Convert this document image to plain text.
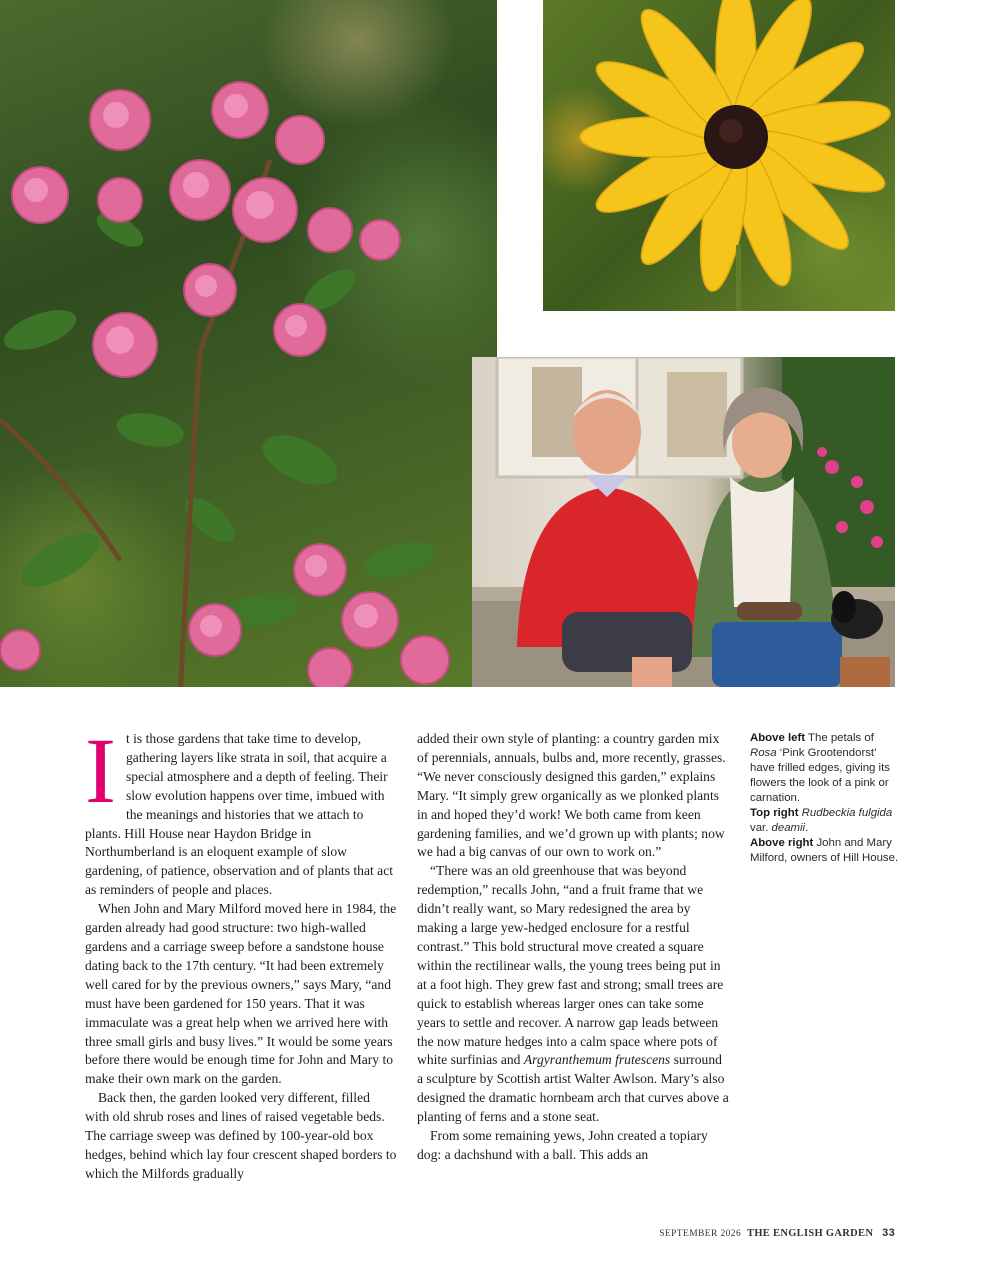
It is those gardens that take time to develop, gathering layers like strata in soil, that acquire a special atmosphere and a depth of feeling. Their slow evolution happens over time, imbued with the meanings and histories that we attach to plants. Hill House near Haydon Bridge in Northumberland is an eloquent example of slow gardening, of patience, observation and of plants that act as reminders of people and places.

When John and Mary Milford moved here in 1984, the garden already had good structure: two high-walled gardens and a carriage sweep before a sandstone house dating back to the 17th century. “It had been extremely well cared for by the previous owners,” says Mary, “and must have been gardened for 150 years. That it was immaculate was a great help when we arrived here with three small girls and busy lives.” It would be some years before there would be enough time for John and Mary to make their own mark on the garden.

Back then, the garden looked very different, filled with old shrub roses and lines of raised vegetable beds. The carriage sweep was defined by 100-year-old box hedges, behind which lay four crescent shaped borders to which the Milfords gradually

added their own style of planting: a country garden mix of perennials, annuals, bulbs and, more recently, grasses. “We never consciously designed this garden,” explains Mary. “It simply grew organically as we plonked plants in and hoped they’d work! We both came from keen gardening families, and we’d grown up with plants; now we had a big canvas of our own to work on.”

“There was an old greenhouse that was beyond redemption,” recalls John, “and a fruit frame that we didn’t really want, so Mary redesigned the area by making a large yew-hedged enclosure for a restful contrast.” This bold structural move created a square within the rectilinear walls, the young trees being put in at a foot high. They grew fast and strong; small trees are quick to establish whereas larger ones can take some years to settle and recover. A narrow gap leads between the now mature hedges into a calm space where pots of white surfinias and Argyranthemum frutescens surround a sculpture by Scottish artist Walter Awlson. Mary’s also designed the dramatic hornbeam arch that curves above a planting of ferns and a stone seat.

From some remaining yews, John created a topiary dog: a dachshund with a ball. This adds an

Above left The petals of Rosa ‘Pink Grootendorst’ have frilled edges, giving its flowers the look of a pink or carnation.

Top right Rudbeckia fulgida var. deamii.

Above right John and Mary Milford, owners of Hill House.

SEPTEMBER 2026 THE ENGLISH GARDEN 33
